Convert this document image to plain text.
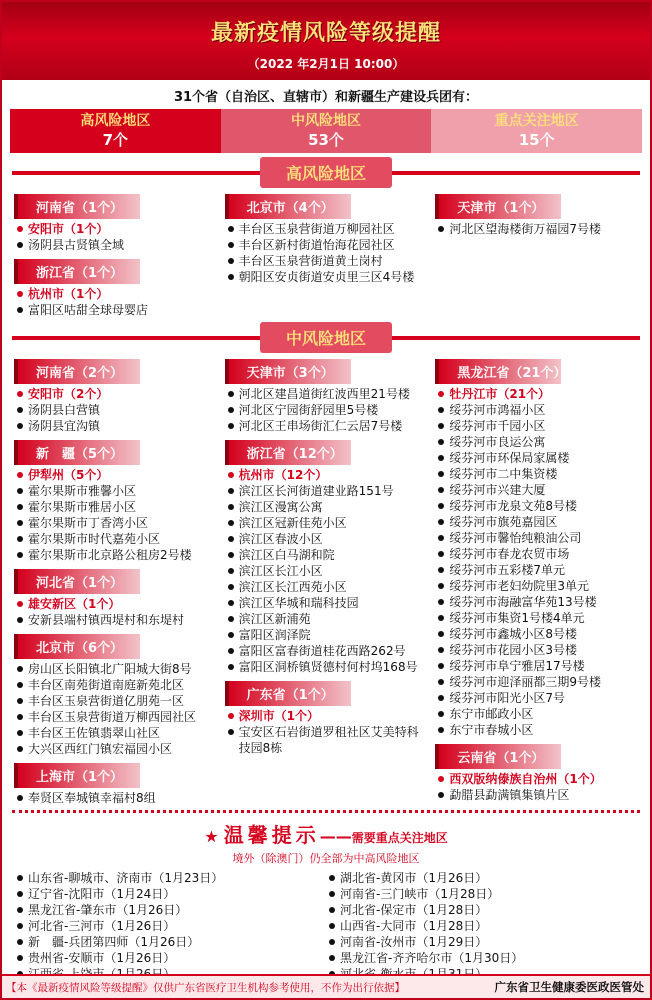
最新疫情风险等级提醒
（2022 年2月1日 10:00）
31个省（自治区、直辖市）和新疆生产建设兵团有：
高风险地区
7个
中风险地区
53个
重点关注地区
15个
高风险地区
河南省（1个）
安阳市（1个）
汤阴县古贤镇全域
浙江省（1个）
杭州市（1个）
富阳区咕甜全球母婴店
北京市（4个）
丰台区玉泉营街道万柳园社区
丰台区新村街道怡海花园社区
丰台区玉泉营街道黄土岗村
朝阳区安贞街道安贞里三区4号楼
天津市（1个）
河北区望海楼街万福园7号楼
中风险地区
河南省（2个）
安阳市（2个）
汤阴县白营镇
汤阴县宜沟镇
新　疆（5个）
伊犁州（5个）
霍尔果斯市雅馨小区
霍尔果斯市雅居小区
霍尔果斯市丁香湾小区
霍尔果斯市时代嘉苑小区
霍尔果斯市北京路公租房2号楼
河北省（1个）
雄安新区（1个）
安新县端村镇西堤村和东堤村
北京市（6个）
房山区长阳镇北广阳城大街8号
丰台区南苑街道南庭新苑北区
丰台区玉泉营街道亿朋苑一区
丰台区玉泉营街道万柳西园社区
丰台区王佐镇翡翠山社区
大兴区西红门镇宏福园小区
上海市（1个）
奉贤区奉城镇幸福村8组
天津市（3个）
河北区建昌道街红波西里21号楼
河北区宁园街舒园里5号楼
河北区王串场街汇仁云居7号楼
浙江省（12个）
杭州市（12个）
滨江区长河街道建业路151号
滨江区漫寓公寓
滨江区冠新佳苑小区
滨江区春波小区
滨江区白马湖和院
滨江区长江小区
滨江区长江西苑小区
滨江区华城和瑞科技园
滨江区新浦苑
富阳区润泽院
富阳区富春街道桂花西路262号
富阳区洞桥镇贤德村何村坞168号
广东省（1个）
深圳市（1个）
宝安区石岩街道罗租社区艾美特科技园8栋
黑龙江省（21个）
牡丹江市（21个）
绥芬河市鸿福小区
绥芬河市千园小区
绥芬河市良运公寓
绥芬河市环保局家属楼
绥芬河市二中集资楼
绥芬河市兴建大厦
绥芬河市龙泉文苑8号楼
绥芬河市旗苑嘉园区
绥芬河市馨怡纯粮油公司
绥芬河市春龙农贸市场
绥芬河市五彩楼7单元
绥芬河市老妇幼院里3单元
绥芬河市海融富华苑13号楼
绥芬河市集资1号楼4单元
绥芬河市鑫城小区8号楼
绥芬河市花园小区3号楼
绥芬河市阜宁雅居17号楼
绥芬河市迎泽丽都三期9号楼
绥芬河市阳光小区7号
东宁市邮政小区
东宁市春城小区
云南省（1个）
西双版纳傣族自治州（1个）
勐腊县勐满镇集镇片区
★ 温馨提示——需要重点关注地区
境外（除澳门）仍全部为中高风险地区
山东省-聊城市、济南市（1月23日）
辽宁省-沈阳市（1月24日）
黑龙江省-肇东市（1月26日）
河北省-三河市（1月26日）
新　疆-兵团第四师（1月26日）
贵州省-安顺市（1月26日）
湖北省-黄冈市（1月26日）
河南省-三门峡市（1月28日）
河北省-保定市（1月28日）
山西省-大同市（1月28日）
河南省-汝州市（1月29日）
黑龙江省-齐齐哈尔市（1月30日）
【本《最新疫情风险等级提醒》仅供广东省医疗卫生机构参考使用，不作为出行依据】	广东省卫生健康委医政医管处
